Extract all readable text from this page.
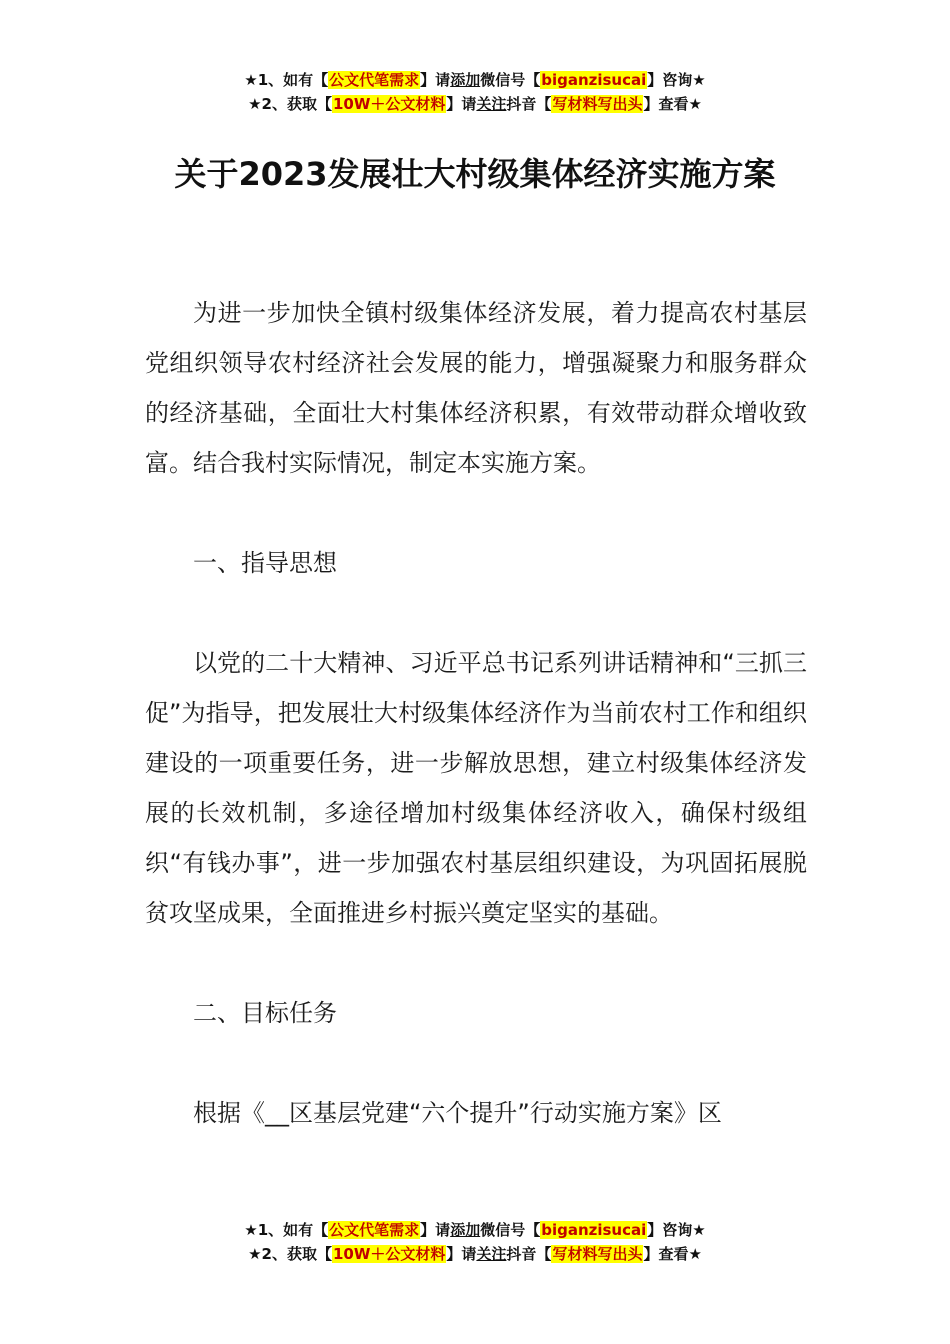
★1、如有【公文代笔需求】请添加微信号【biganzisucai】咨询★
★2、获取【10W＋公文材料】请关注抖音【写材料写出头】查看★
关于2023发展壮大村级集体经济实施方案

为进一步加快全镇村级集体经济发展，着力提高农村基层党组织领导农村经济社会发展的能力，增强凝聚力和服务群众的经济基础，全面壮大村集体经济积累，有效带动群众增收致富。结合我村实际情况，制定本实施方案。

一、指导思想

以党的二十大精神、习近平总书记系列讲话精神和“三抓三促”为指导，把发展壮大村级集体经济作为当前农村工作和组织建设的一项重要任务，进一步解放思想，建立村级集体经济发展的长效机制，多途径增加村级集体经济收入，确保村级组织“有钱办事”，进一步加强农村基层组织建设，为巩固拓展脱贫攻坚成果，全面推进乡村振兴奠定坚实的基础。

二、目标任务

根据《__区基层党建“六个提升”行动实施方案》区

★1、如有【公文代笔需求】请添加微信号【biganzisucai】咨询★
★2、获取【10W＋公文材料】请关注抖音【写材料写出头】查看★
